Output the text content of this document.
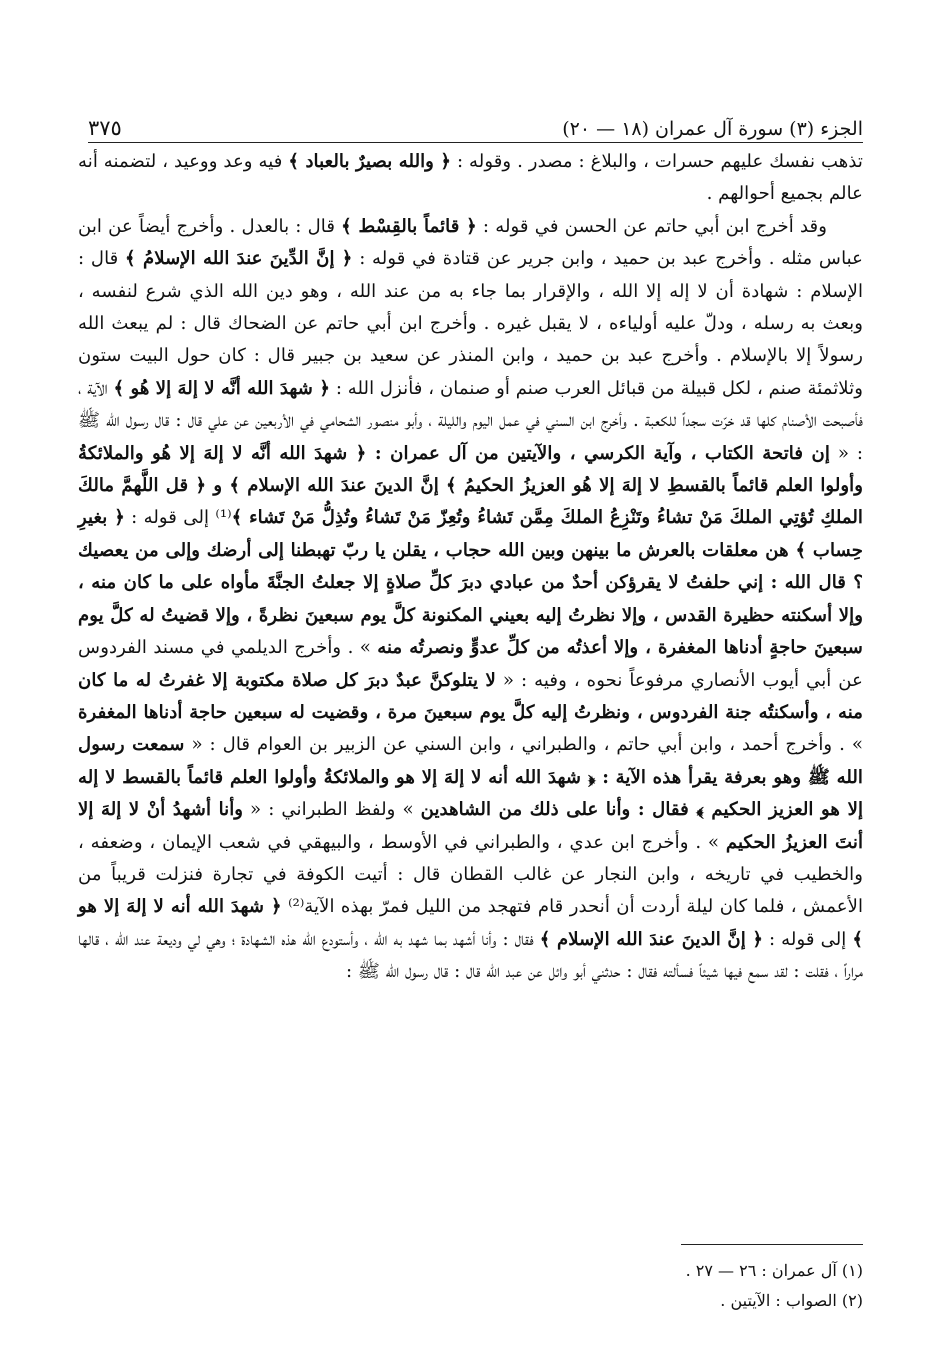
الجزء (٣) سورة آل عمران (١٨ — ٢٠)
٣٧٥

تذهب نفسك عليهم حسرات ، والبلاغ : مصدر . وقوله : ﴿ والله بصيرٌ بالعباد ﴾ فيه وعد ووعيد ، لتضمنه أنه عالم بجميع أحوالهم .

وقد أخرج ابن أبي حاتم عن الحسن في قوله : ﴿ قائماً بالقِسْط ﴾ قال : بالعدل . وأخرج أيضاً عن ابن عباس مثله . وأخرج عبد بن حميد ، وابن جرير عن قتادة في قوله : ﴿ إنَّ الدِّينَ عندَ الله الإسلامُ ﴾ قال : الإسلام : شهادة أن لا إله إلا الله ، والإقرار بما جاء به من عند الله ، وهو دين الله الذي شرع لنفسه ، وبعث به رسله ، ودلّ عليه أولياءه ، لا يقبل غيره . وأخرج ابن أبي حاتم عن الضحاك قال : لم يبعث الله رسولاً إلا بالإسلام . وأخرج عبد بن حميد ، وابن المنذر عن سعيد بن جبير قال : كان حول البيت ستون وثلاثمئة صنم ، لكل قبيلة من قبائل العرب صنم أو صنمان ، فأنزل الله : ﴿ شهدَ الله أنَّه لا إلهَ إلا هُو ﴾ الآية ، فأصبحت الأصنام كلها قد خرّت سجداً للكعبة . وأخرج ابن السني في عمل اليوم والليلة ، وأبو منصور الشحامي في الأربعين عن علي قال : قال رسول الله ﷺ : « إن فاتحة الكتاب ، وآية الكرسي ، والآيتين من آل عمران : ﴿ شهدَ الله أنَّه لا إلهَ إلا هُو والملائكةُ وأولوا العلم قائماً بالقسطِ لا إلهَ إلا هُو العزيزُ الحكيمُ ﴾ إنَّ الدينَ عندَ الله الإسلام ﴾ و ﴿ قل اللَّهمَّ مالكَ الملكِ تُؤتِي الملكَ مَنْ تشاءُ وتَنْزِعُ الملكَ مِمَّن تَشاءُ وتُعِزّ مَنْ تَشاءُ وتُذِلُّ مَنْ تَشاء ﴾⁽¹⁾ إلى قوله : ﴿ بغيرِ حِساب ﴾ هن معلقات بالعرش ما بينهن وبين الله حجاب ، يقلن يا ربّ تهبطنا إلى أرضك وإلى من يعصيك ؟ قال الله : إني حلفتُ لا يقرؤكن أحدٌ من عبادي دبرَ كلِّ صلاةٍ إلا جعلتُ الجنَّةَ مأواه على ما كان منه ، وإلا أسكنته حظيرة القدس ، وإلا نظرتُ إليه بعيني المكنونة كلَّ يوم سبعينَ نظرةً ، وإلا قضيتُ له كلَّ يوم سبعينَ حاجةٍ أدناها المغفرة ، وإلا أعذتُه من كلِّ عدوٍّ ونصرتُه منه » . وأخرج الديلمي في مسند الفردوس عن أبي أيوب الأنصاري مرفوعاً نحوه ، وفيه : « لا يتلوكنَّ عبدٌ دبرَ كل صلاة مكتوبة إلا غفرتُ له ما كان منه ، وأسكنتُه جنة الفردوس ، ونظرتُ إليه كلَّ يوم سبعينَ مرة ، وقضيت له سبعين حاجة أدناها المغفرة » . وأخرج أحمد ، وابن أبي حاتم ، والطبراني ، وابن السني عن الزبير بن العوام قال : « سمعت رسول الله ﷺ وهو بعرفة يقرأ هذه الآية : ﴿ شهدَ الله أنه لا إلهَ إلا هو والملائكةُ وأولوا العلم قائماً بالقسط لا إله إلا هو العزيز الحكيم ﴾ فقال : وأنا على ذلك من الشاهدين » ولفظ الطبراني : « وأنا أشهدُ أنْ لا إلهَ إلا أنتَ العزيزُ الحكيم » . وأخرج ابن عدي ، والطبراني في الأوسط ، والبيهقي في شعب الإيمان ، وضعفه ، والخطيب في تاريخه ، وابن النجار عن غالب القطان قال : أتيت الكوفة في تجارة فنزلت قريباً من الأعمش ، فلما كان ليلة أردت أن أنحدر قام فتهجد من الليل فمرّ بهذه الآية⁽²⁾ ﴿ شهدَ الله أنه لا إلهَ إلا هو ﴾ إلى قوله : ﴿ إنَّ الدينَ عندَ الله الإسلام ﴾ فقال : وأنا أشهد بما شهد به الله ، وأستودع الله هذه الشهادة ؛ وهي لي وديعة عند الله ، قالها مراراً ، فقلت : لقد سمع فيها شيئاً فسألته فقال : حدثني أبو وائل عن عبد الله قال : قال رسول الله ﷺ :

(١) آل عمران : ٢٦ — ٢٧ .
(٢) الصواب : الآيتين .
